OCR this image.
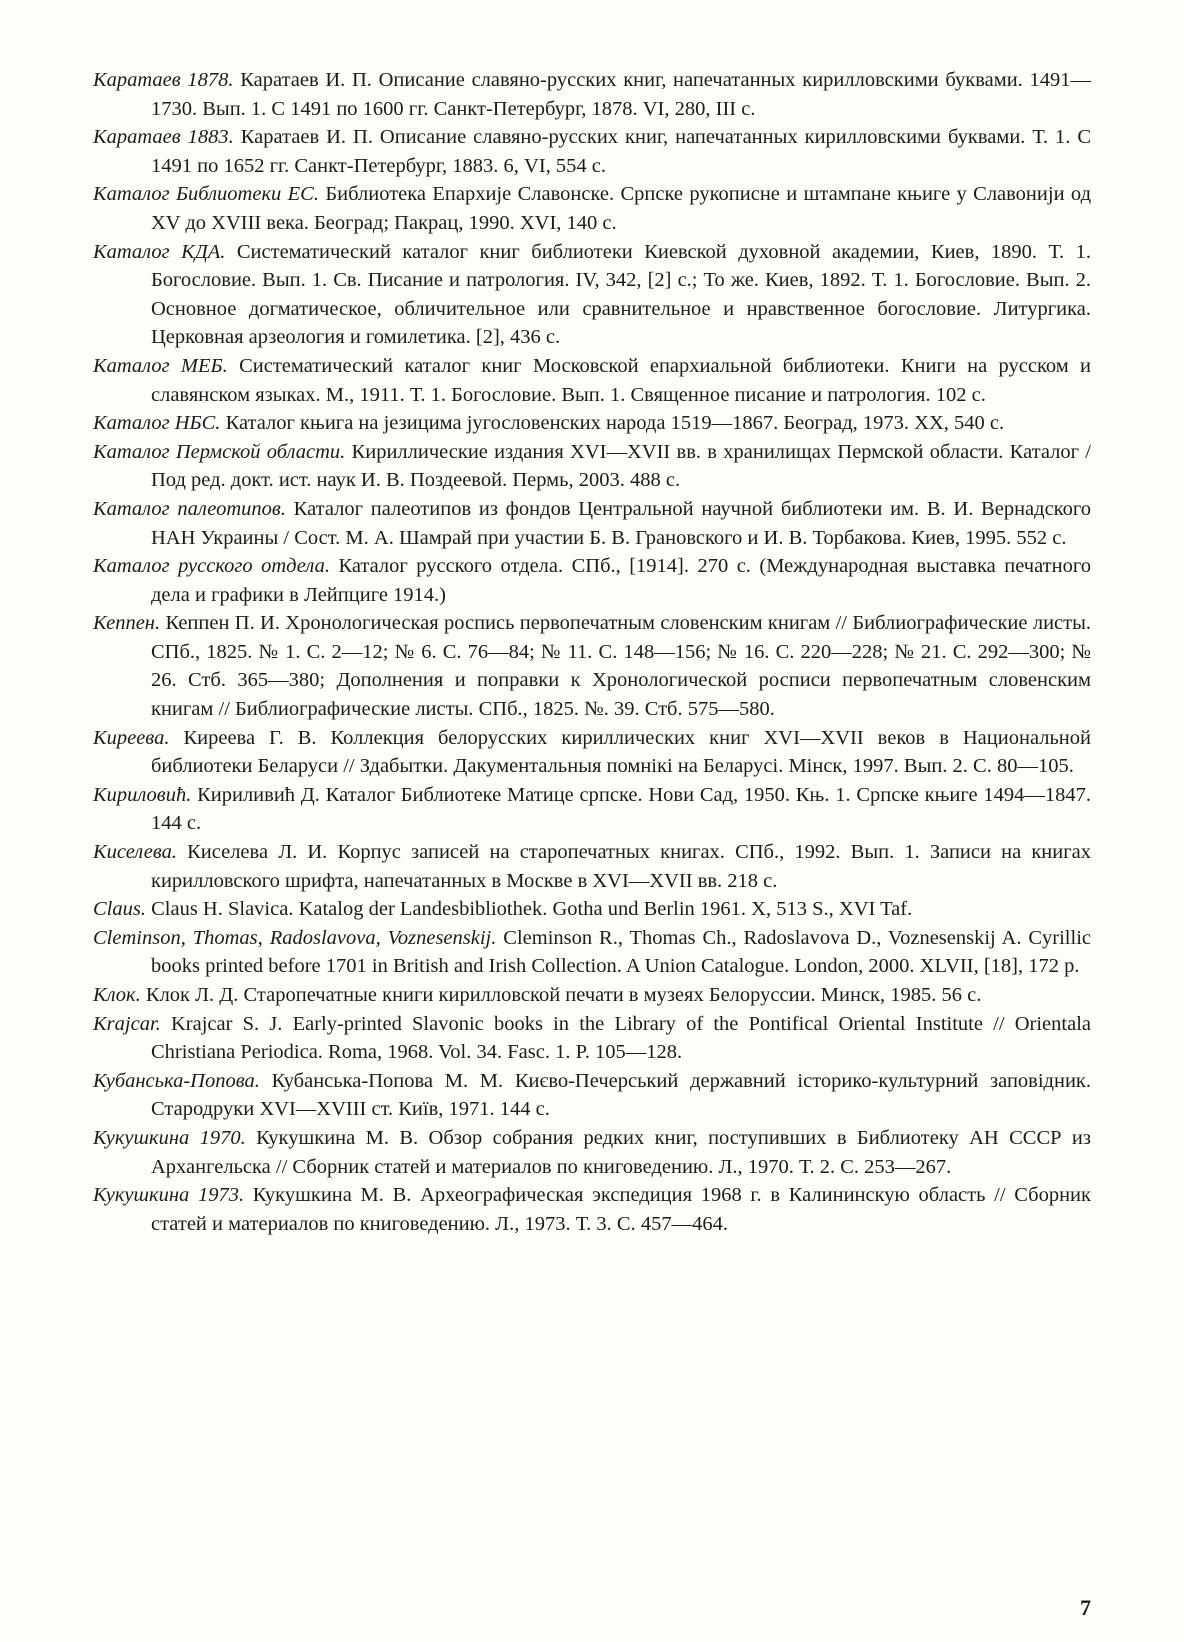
Каратаев 1878. Каратаев И. П. Описание славяно-русских книг, напечатанных кирилловскими буквами. 1491—1730. Вып. 1. С 1491 по 1600 гг. Санкт-Петербург, 1878. VI, 280, III с.

Каратаев 1883. Каратаев И. П. Описание славяно-русских книг, напечатанных кирилловскими буквами. Т. 1. С 1491 по 1652 гг. Санкт-Петербург, 1883. 6, VI, 554 с.

Каталог Библиотеки ЕС. Библиотека Епархије Славонске. Српске рукописне и штампане књиге у Славонији од XV до XVIII века. Београд; Пакрац, 1990. XVI, 140 с.

Каталог КДА. Систематический каталог книг библиотеки Киевской духовной академии, Киев, 1890. Т. 1. Богословие. Вып. 1. Св. Писание и патрология. IV, 342, [2] с.; То же. Киев, 1892. Т. 1. Богословие. Вып. 2. Основное догматическое, обличительное или сравнительное и нравственное богословие. Литургика. Церковная арзеология и гомилетика. [2], 436 с.

Каталог МЕБ. Систематический каталог книг Московской епархиальной библиотеки. Книги на русском и славянском языках. М., 1911. Т. 1. Богословие. Вып. 1. Священное писание и патрология. 102 с.

Каталог НБС. Каталог књига на језицима југословенских народа 1519—1867. Београд, 1973. XX, 540 с.

Каталог Пермской области. Кириллические издания XVI—XVII вв. в хранилищах Пермской области. Каталог / Под ред. докт. ист. наук И. В. Поздеевой. Пермь, 2003. 488 с.

Каталог палеотипов. Каталог палеотипов из фондов Центральной научной библиотеки им. В. И. Вернадского НАН Украины / Сост. М. А. Шамрай при участии Б. В. Грановского и И. В. Торбакова. Киев, 1995. 552 с.

Каталог русского отдела. Каталог русского отдела. СПб., [1914]. 270 с. (Международная выставка печатного дела и графики в Лейпциге 1914.)

Кеппен. Кеппен П. И. Хронологическая роспись первопечатным словенским книгам // Библиографические листы. СПб., 1825. № 1. С. 2—12; № 6. С. 76—84; № 11. С. 148—156; № 16. С. 220—228; № 21. С. 292—300; № 26. Стб. 365—380; Дополнения и поправки к Хронологической росписи первопечатным словенским книгам // Библиографические листы. СПб., 1825. №. 39. Стб. 575—580.

Киреева. Киреева Г. В. Коллекция белорусских кириллических книг XVI—XVII веков в Национальной библиотеки Беларуси // Здабытки. Дакументальныя помнікі на Беларусі. Мінск, 1997. Вып. 2. С. 80—105.

Кириловић. Кириливић Д. Каталог Библиотеке Матице српске. Нови Сад, 1950. Књ. 1. Српске књиге 1494—1847. 144 с.

Киселева. Киселева Л. И. Корпус записей на старопечатных книгах. СПб., 1992. Вып. 1. Записи на книгах кирилловского шрифта, напечатанных в Москве в XVI—XVII вв. 218 с.

Claus. Claus H. Slavica. Katalog der Landesbibliothek. Gotha und Berlin 1961. X, 513 S., XVI Taf.

Cleminson, Thomas, Radoslavova, Voznesenskij. Cleminson R., Thomas Ch., Radoslavova D., Voznesenskij A. Cyrillic books printed before 1701 in British and Irish Collection. A Union Catalogue. London, 2000. XLVII, [18], 172 p.

Клок. Клок Л. Д. Старопечатные книги кирилловской печати в музеях Белоруссии. Минск, 1985. 56 с.

Krajcar. Krajcar S. J. Early-printed Slavonic books in the Library of the Pontifical Oriental Institute // Orientala Christiana Periodica. Roma, 1968. Vol. 34. Fasc. 1. P. 105—128.

Кубанська-Попова. Кубанська-Попова М. М. Києво-Печерський державний історико-культурний заповідник. Стародруки XVI—XVIII ст. Київ, 1971. 144 с.

Кукушкина 1970. Кукушкина М. В. Обзор собрания редких книг, поступивших в Библиотеку АН СССР из Архангельска // Сборник статей и материалов по книговедению. Л., 1970. Т. 2. С. 253—267.

Кукушкина 1973. Кукушкина М. В. Археографическая экспедиция 1968 г. в Калининскую область // Сборник статей и материалов по книговедению. Л., 1973. Т. 3. С. 457—464.

7
